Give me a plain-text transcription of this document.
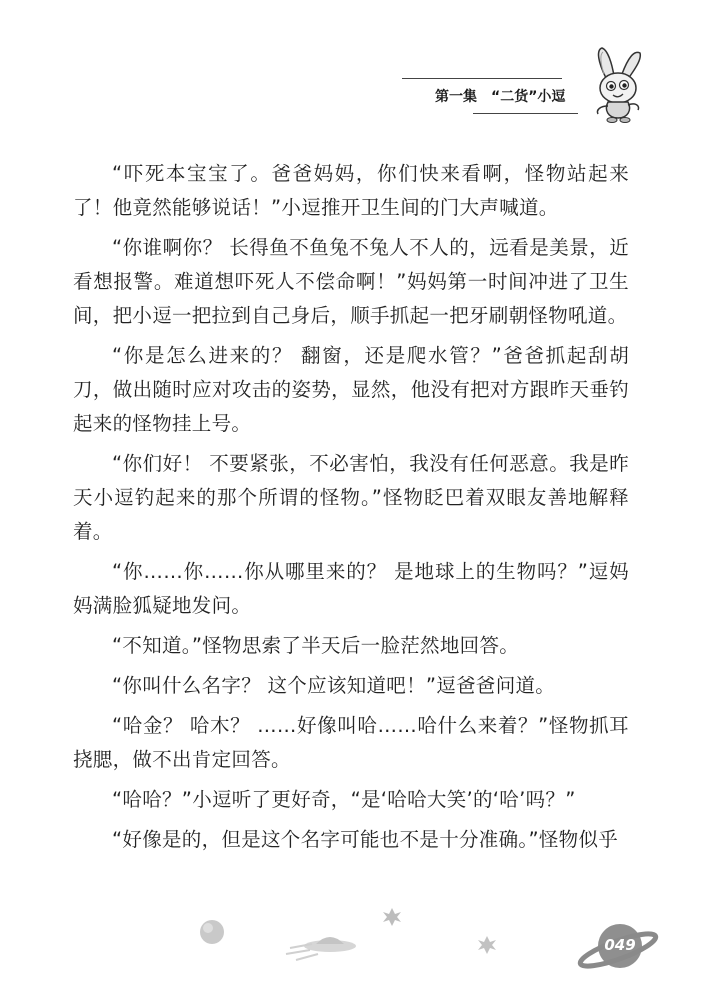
第一集　“二货”小逗

“吓死本宝宝了。爸爸妈妈，你们快来看啊，怪物站起来了！他竟然能够说话！”小逗推开卫生间的门大声喊道。

“你谁啊你？ 长得鱼不鱼兔不兔人不人的，远看是美景，近看想报警。难道想吓死人不偿命啊！”妈妈第一时间冲进了卫生间，把小逗一把拉到自己身后，顺手抓起一把牙刷朝怪物吼道。

“你是怎么进来的？ 翻窗，还是爬水管？”爸爸抓起刮胡刀，做出随时应对攻击的姿势，显然，他没有把对方跟昨天垂钓起来的怪物挂上号。

“你们好！ 不要紧张，不必害怕，我没有任何恶意。我是昨天小逗钓起来的那个所谓的怪物。”怪物眨巴着双眼友善地解释着。

“你……你……你从哪里来的？ 是地球上的生物吗？”逗妈妈满脸狐疑地发问。

“不知道。”怪物思索了半天后一脸茫然地回答。

“你叫什么名字？ 这个应该知道吧！”逗爸爸问道。

“哈金？ 哈木？ ……好像叫哈……哈什么来着？”怪物抓耳挠腮，做不出肯定回答。

“哈哈？”小逗听了更好奇，“是‘哈哈大笑’的‘哈’吗？”

“好像是的，但是这个名字可能也不是十分准确。”怪物似乎

049
